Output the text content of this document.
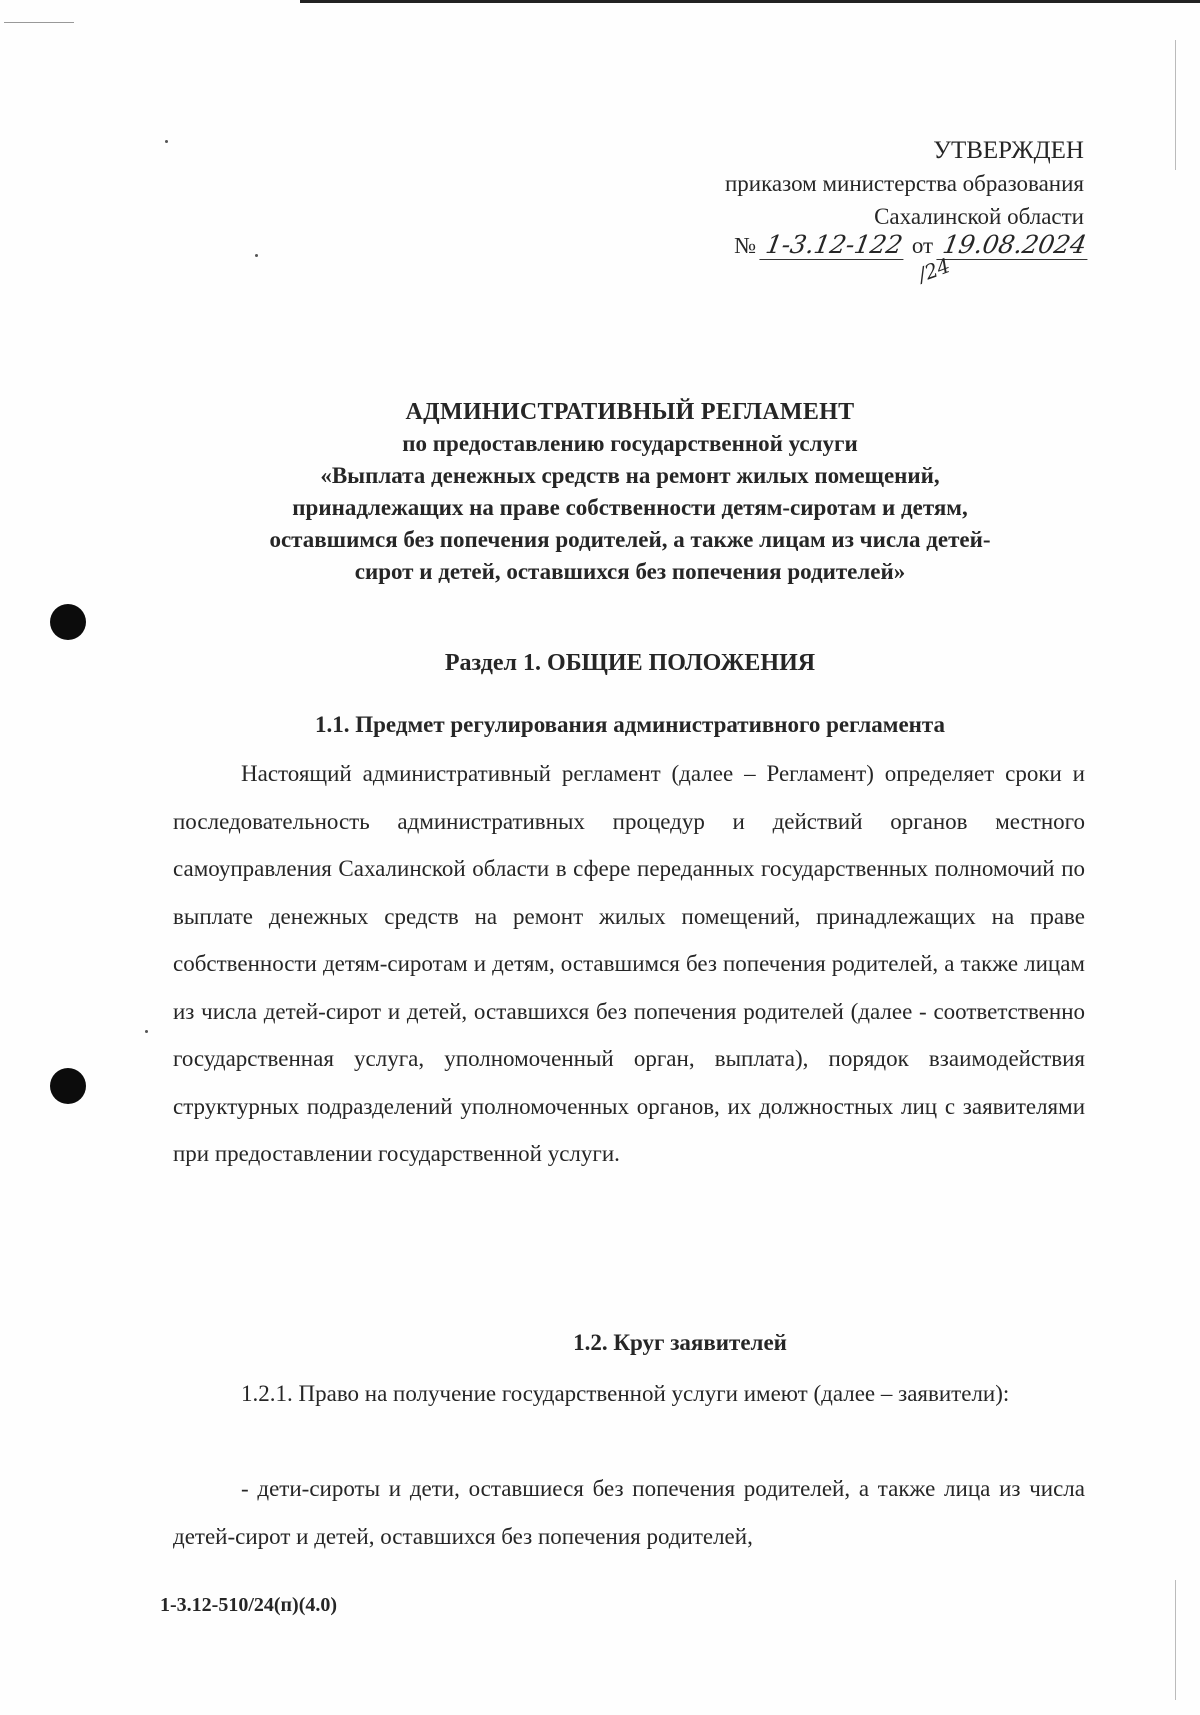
УТВЕРЖДЕН
приказом министерства образования
Сахалинской области
№ 1-3.12-122 от 19.08.2024
/24
АДМИНИСТРАТИВНЫЙ РЕГЛАМЕНТ
по предоставлению государственной услуги
«Выплата денежных средств на ремонт жилых помещений,
принадлежащих на праве собственности детям-сиротам и детям,
оставшимся без попечения родителей, а также лицам из числа детей-
сирот и детей, оставшихся без попечения родителей»
Раздел 1. ОБЩИЕ ПОЛОЖЕНИЯ
1.1. Предмет регулирования административного регламента

Настоящий административный регламент (далее – Регламент) определяет сроки и последовательность административных процедур и действий органов местного самоуправления Сахалинской области в сфере переданных государственных полномочий по выплате денежных средств на ремонт жилых помещений, принадлежащих на праве собственности детям-сиротам и детям, оставшимся без попечения родителей, а также лицам из числа детей-сирот и детей, оставшихся без попечения родителей (далее - соответственно государственная услуга, уполномоченный орган, выплата), порядок взаимодействия структурных подразделений уполномоченных органов, их должностных лиц с заявителями при предоставлении государственной услуги.

1.2. Круг заявителей

1.2.1. Право на получение государственной услуги имеют (далее – заявители):

- дети-сироты и дети, оставшиеся без попечения родителей, а также лица из числа детей-сирот и детей, оставшихся без попечения родителей,

1-3.12-510/24(п)(4.0)
